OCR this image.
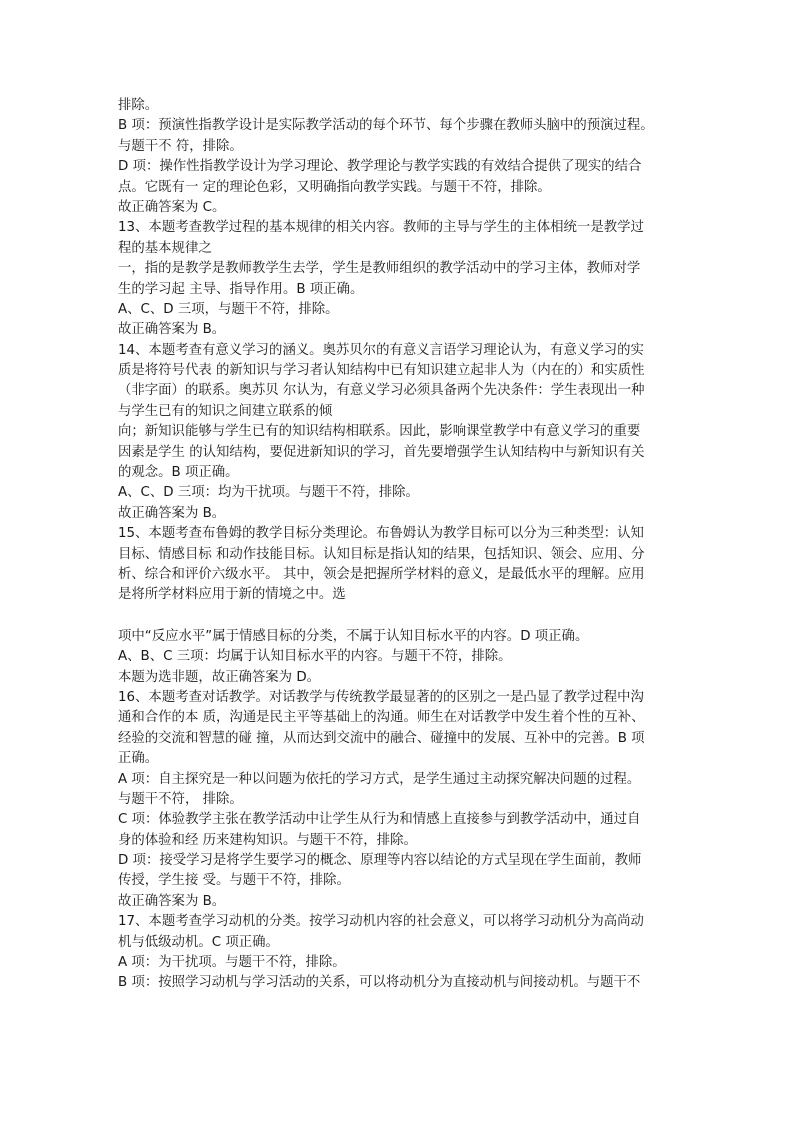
排除。
B 项：预演性指教学设计是实际教学活动的每个环节、每个步骤在教师头脑中的预演过程。
与题干不 符，排除。
D 项：操作性指教学设计为学习理论、教学理论与教学实践的有效结合提供了现实的结合
点。它既有一 定的理论色彩，又明确指向教学实践。与题干不符，排除。
故正确答案为 C。
13、本题考查教学过程的基本规律的相关内容。教师的主导与学生的主体相统一是教学过
程的基本规律之
一，指的是教学是教师教学生去学，学生是教师组织的教学活动中的学习主体，教师对学
生的学习起 主导、指导作用。B 项正确。
A、C、D 三项，与题干不符，排除。
故正确答案为 B。
14、本题考查有意义学习的涵义。奥苏贝尔的有意义言语学习理论认为，有意义学习的实
质是将符号代表 的新知识与学习者认知结构中已有知识建立起非人为（内在的）和实质性
（非字面）的联系。奥苏贝 尔认为，有意义学习必须具备两个先决条件：学生表现出一种
与学生已有的知识之间建立联系的倾
向；新知识能够与学生已有的知识结构相联系。因此，影响课堂教学中有意义学习的重要
因素是学生 的认知结构，要促进新知识的学习，首先要增强学生认知结构中与新知识有关
的观念。B 项正确。
A、C、D 三项：均为干扰项。与题干不符，排除。
故正确答案为 B。
15、本题考查布鲁姆的教学目标分类理论。布鲁姆认为教学目标可以分为三种类型：认知
目标、情感目标 和动作技能目标。认知目标是指认知的结果，包括知识、领会、应用、分
析、综合和评价六级水平。 其中，领会是把握所学材料的意义，是最低水平的理解。应用
是将所学材料应用于新的情境之中。选
项中“反应水平”属于情感目标的分类，不属于认知目标水平的内容。D 项正确。
A、B、C 三项：均属于认知目标水平的内容。与题干不符，排除。
本题为选非题，故正确答案为 D。
16、本题考查对话教学。对话教学与传统教学最显著的的区别之一是凸显了教学过程中沟
通和合作的本 质，沟通是民主平等基础上的沟通。师生在对话教学中发生着个性的互补、
经验的交流和智慧的碰 撞，从而达到交流中的融合、碰撞中的发展、互补中的完善。B 项
正确。
A 项：自主探究是一种以问题为依托的学习方式，是学生通过主动探究解决问题的过程。
与题干不符， 排除。
C 项：体验教学主张在教学活动中让学生从行为和情感上直接参与到教学活动中，通过自
身的体验和经 历来建构知识。与题干不符，排除。
D 项：接受学习是将学生要学习的概念、原理等内容以结论的方式呈现在学生面前，教师
传授，学生接 受。与题干不符，排除。
故正确答案为 B。
17、本题考查学习动机的分类。按学习动机内容的社会意义，可以将学习动机分为高尚动
机与低级动机。C 项正确。
A 项：为干扰项。与题干不符，排除。
B 项：按照学习动机与学习活动的关系，可以将动机分为直接动机与间接动机。与题干不
